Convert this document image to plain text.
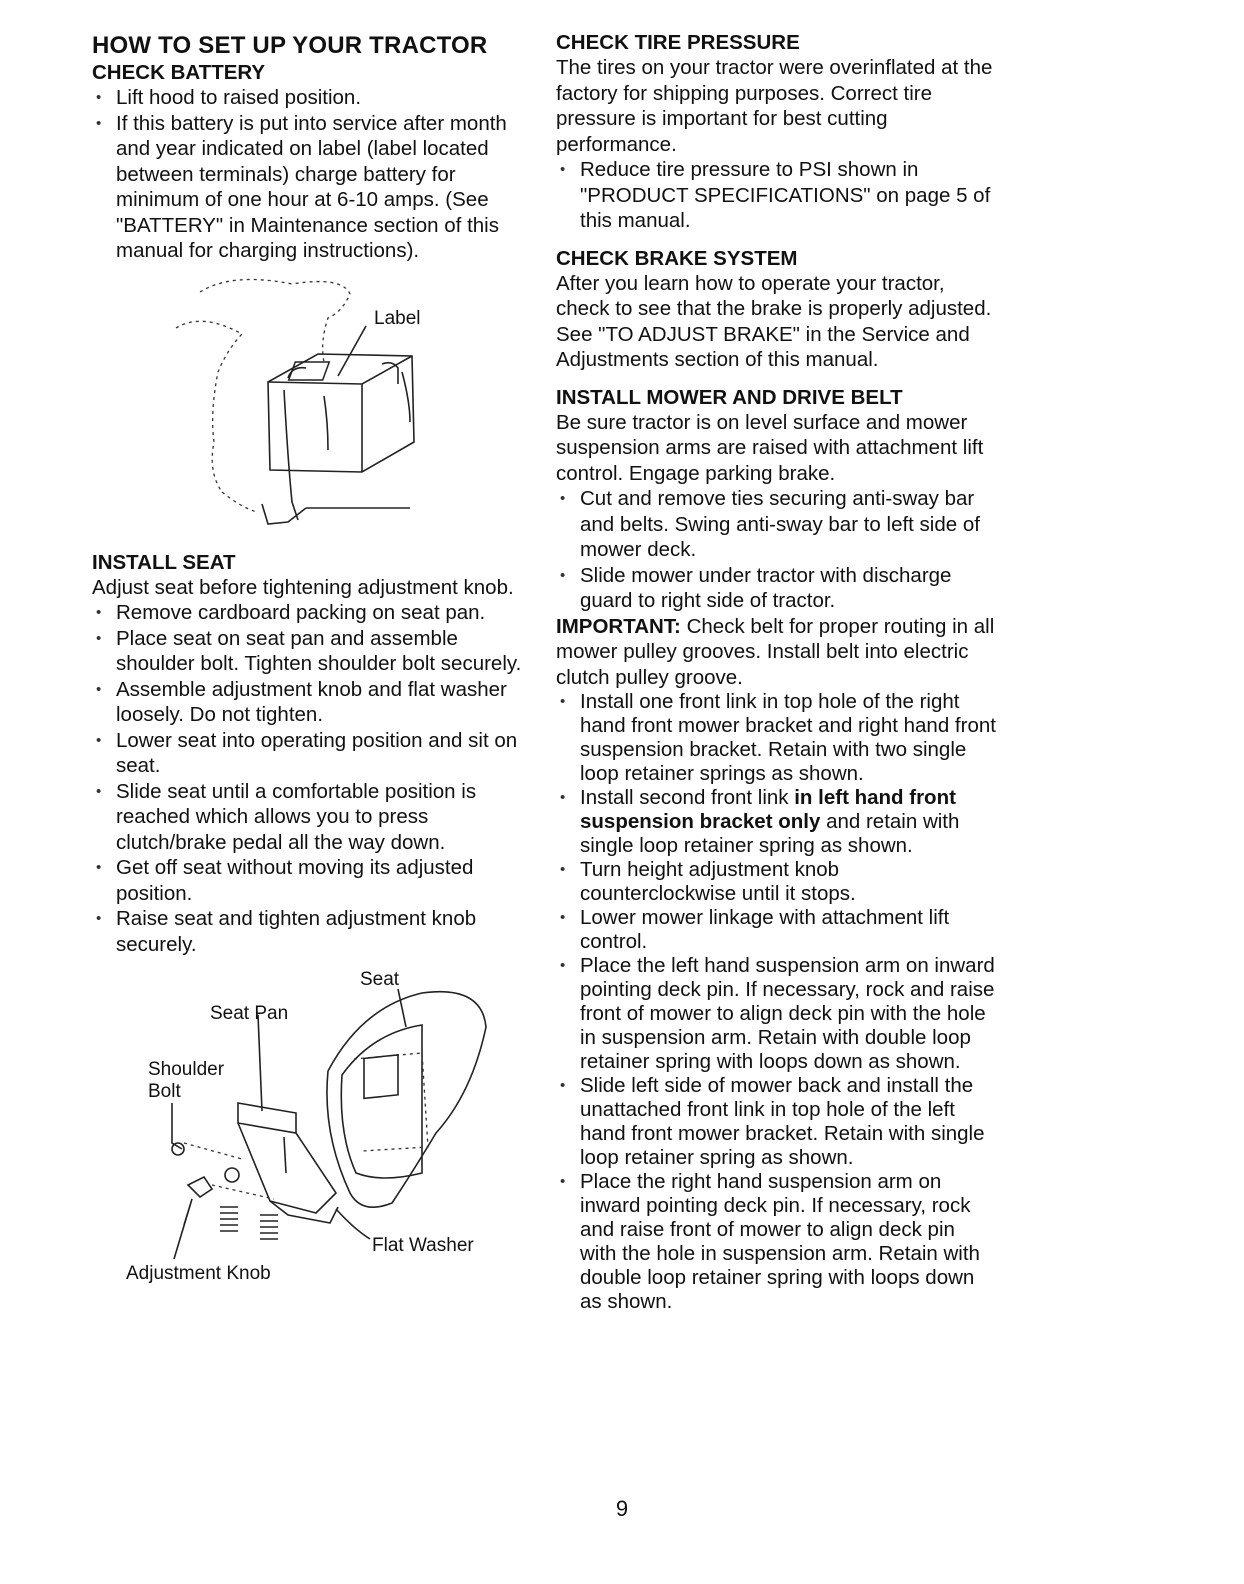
HOW TO SET UP YOUR TRACTOR
CHECK BATTERY
• Lift hood to raised position.
• If this battery is put into service after month and year indicated on label (label located between terminals) charge battery for minimum of one hour at 6-10 amps. (See "BATTERY" in Maintenance section of this manual for charging instructions).
Label
INSTALL SEAT

Adjust seat before tightening adjustment knob.

• Remove cardboard packing on seat pan.
• Place seat on seat pan and assemble shoulder bolt. Tighten shoulder bolt securely.
• Assemble adjustment knob and flat washer loosely. Do not tighten.
• Lower seat into operating position and sit on seat.
• Slide seat until a comfortable position is reached which allows you to press clutch/brake pedal all the way down.
• Get off seat without moving its adjusted position.
• Raise seat and tighten adjustment knob securely.
Seat
Seat Pan
Shoulder
Bolt
Flat Washer
Adjustment Knob
CHECK TIRE PRESSURE

The tires on your tractor were overinflated at the factory for shipping purposes. Correct tire pressure is important for best cutting performance.

• Reduce tire pressure to PSI shown in "PRODUCT SPECIFICATIONS" on page 5 of this manual.
CHECK BRAKE SYSTEM

After you learn how to operate your tractor, check to see that the brake is properly adjusted. See "TO ADJUST BRAKE" in the Service and Adjustments section of this manual.

INSTALL MOWER AND DRIVE BELT

Be sure tractor is on level surface and mower suspension arms are raised with attachment lift control. Engage parking brake.

• Cut and remove ties securing anti-sway bar and belts. Swing anti-sway bar to left side of mower deck.
• Slide mower under tractor with discharge guard to right side of tractor.

IMPORTANT: Check belt for proper routing in all mower pulley grooves. Install belt into electric clutch pulley groove.

• Install one front link in top hole of the right hand front mower bracket and right hand front suspension bracket. Retain with two single loop retainer springs as shown.
• Install second front link in left hand front suspension bracket only and retain with single loop retainer spring as shown.
• Turn height adjustment knob counterclockwise until it stops.
• Lower mower linkage with attachment lift control.
• Place the left hand suspension arm on inward pointing deck pin. If necessary, rock and raise front of mower to align deck pin with the hole in suspension arm. Retain with double loop retainer spring with loops down as shown.
• Slide left side of mower back and install the unattached front link in top hole of the left hand front mower bracket. Retain with single loop retainer spring as shown.
• Place the right hand suspension arm on inward pointing deck pin. If necessary, rock and raise front of mower to align deck pin with the hole in suspension arm. Retain with double loop retainer spring with loops down as shown.
9
